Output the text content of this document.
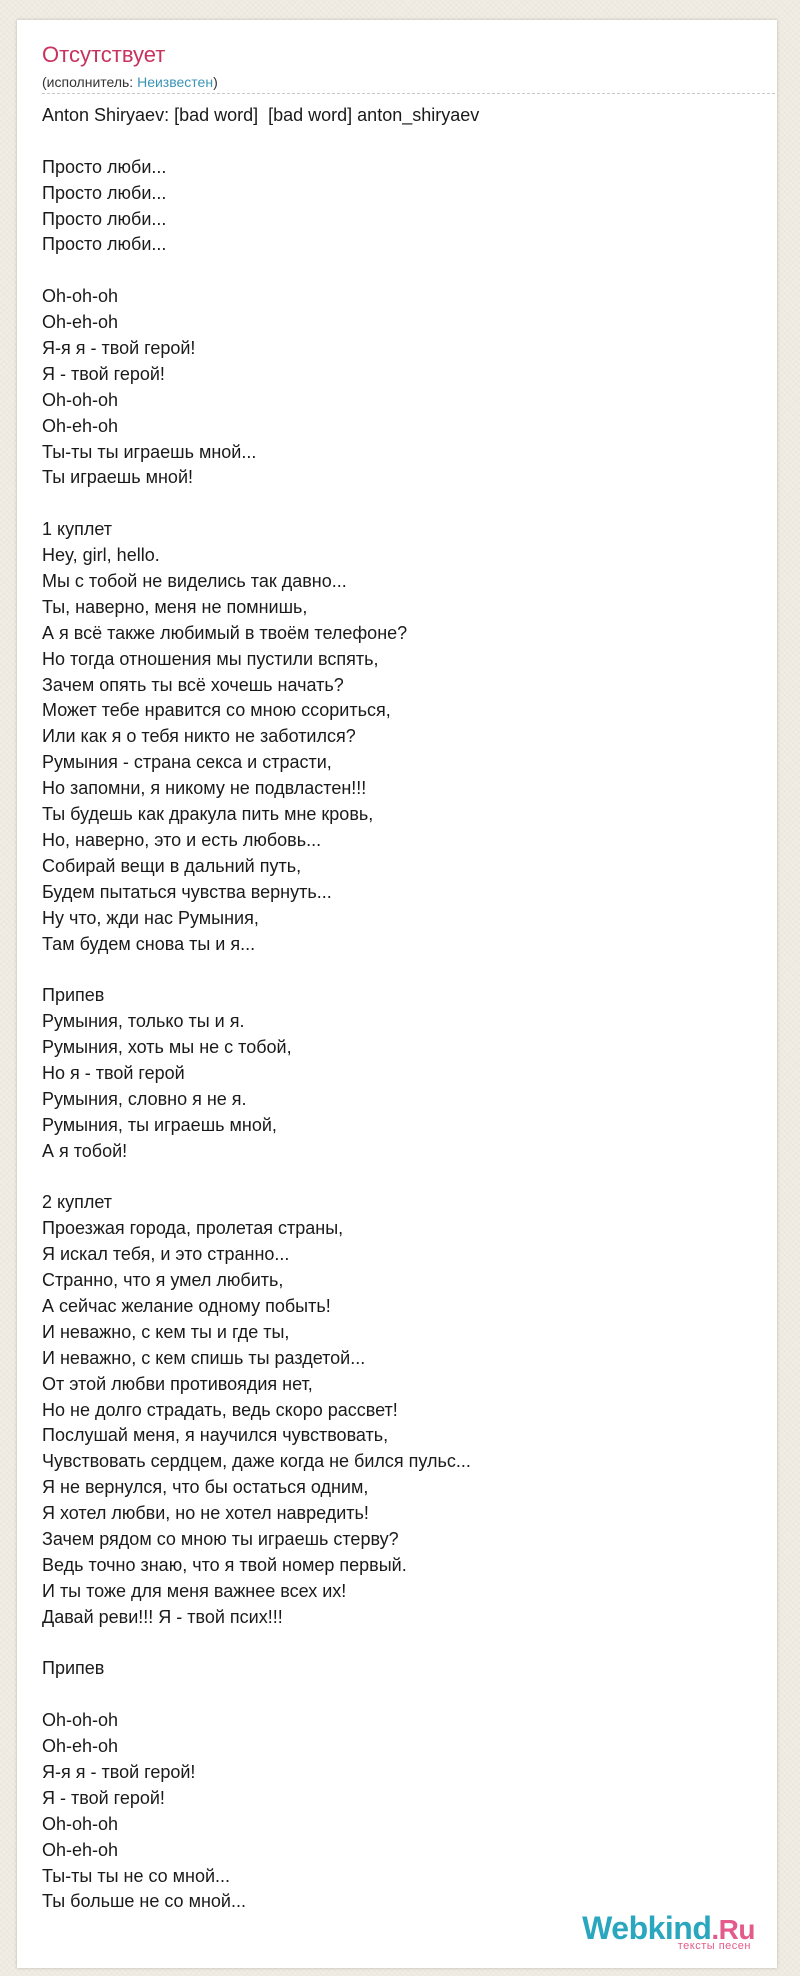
Отсутствует
(исполнитель: Неизвестен)
Anton Shiryaev: [bad word]  [bad word] anton_shiryaev
Просто люби...
Просто люби...
Просто люби...
Просто люби...
Oh-oh-oh
Oh-eh-oh
Я-я я - твой герой!
Я - твой герой!
Oh-oh-oh
Oh-eh-oh
Ты-ты ты играешь мной...
Ты играешь мной!
1 куплет
Hey, girl, hello.
Мы с тобой не виделись так давно...
Ты, наверно, меня не помнишь,
А я всё также любимый в твоём телефоне?
Но тогда отношения мы пустили вспять,
Зачем опять ты всё хочешь начать?
Может тебе нравится со мною ссориться,
Или как я о тебя никто не заботился?
Румыния - страна секса и страсти,
Но запомни, я никому не подвластен!!!
Ты будешь как дракула пить мне кровь,
Но, наверно, это и есть любовь...
Собирай вещи в дальний путь,
Будем пытаться чувства вернуть...
Ну что, жди нас Румыния,
Там будем снова ты и я...
Припев
Румыния, только ты и я.
Румыния, хоть мы не с тобой,
Но я - твой герой
Румыния, словно я не я.
Румыния, ты играешь мной,
А я тобой!
2 куплет
Проезжая города, пролетая страны,
Я искал тебя, и это странно...
Странно, что я умел любить,
А сейчас желание одному побыть!
И неважно, с кем ты и где ты,
И неважно, с кем спишь ты раздетой...
От этой любви противоядия нет,
Но не долго страдать, ведь скоро рассвет!
Послушай меня, я научился чувствовать,
Чувствовать сердцем, даже когда не бился пульс...
Я не вернулся, что бы остаться одним,
Я хотел любви, но не хотел навредить!
Зачем рядом со мною ты играешь стерву?
Ведь точно знаю, что я твой номер первый.
И ты тоже для меня важнее всех их!
Давай реви!!! Я - твой псих!!!
Припев
Oh-oh-oh
Oh-eh-oh
Я-я я - твой герой!
Я - твой герой!
Oh-oh-oh
Oh-eh-oh
Ты-ты ты не со мной...
Ты больше не со мной...
Webkind.Ru
тексты песен
